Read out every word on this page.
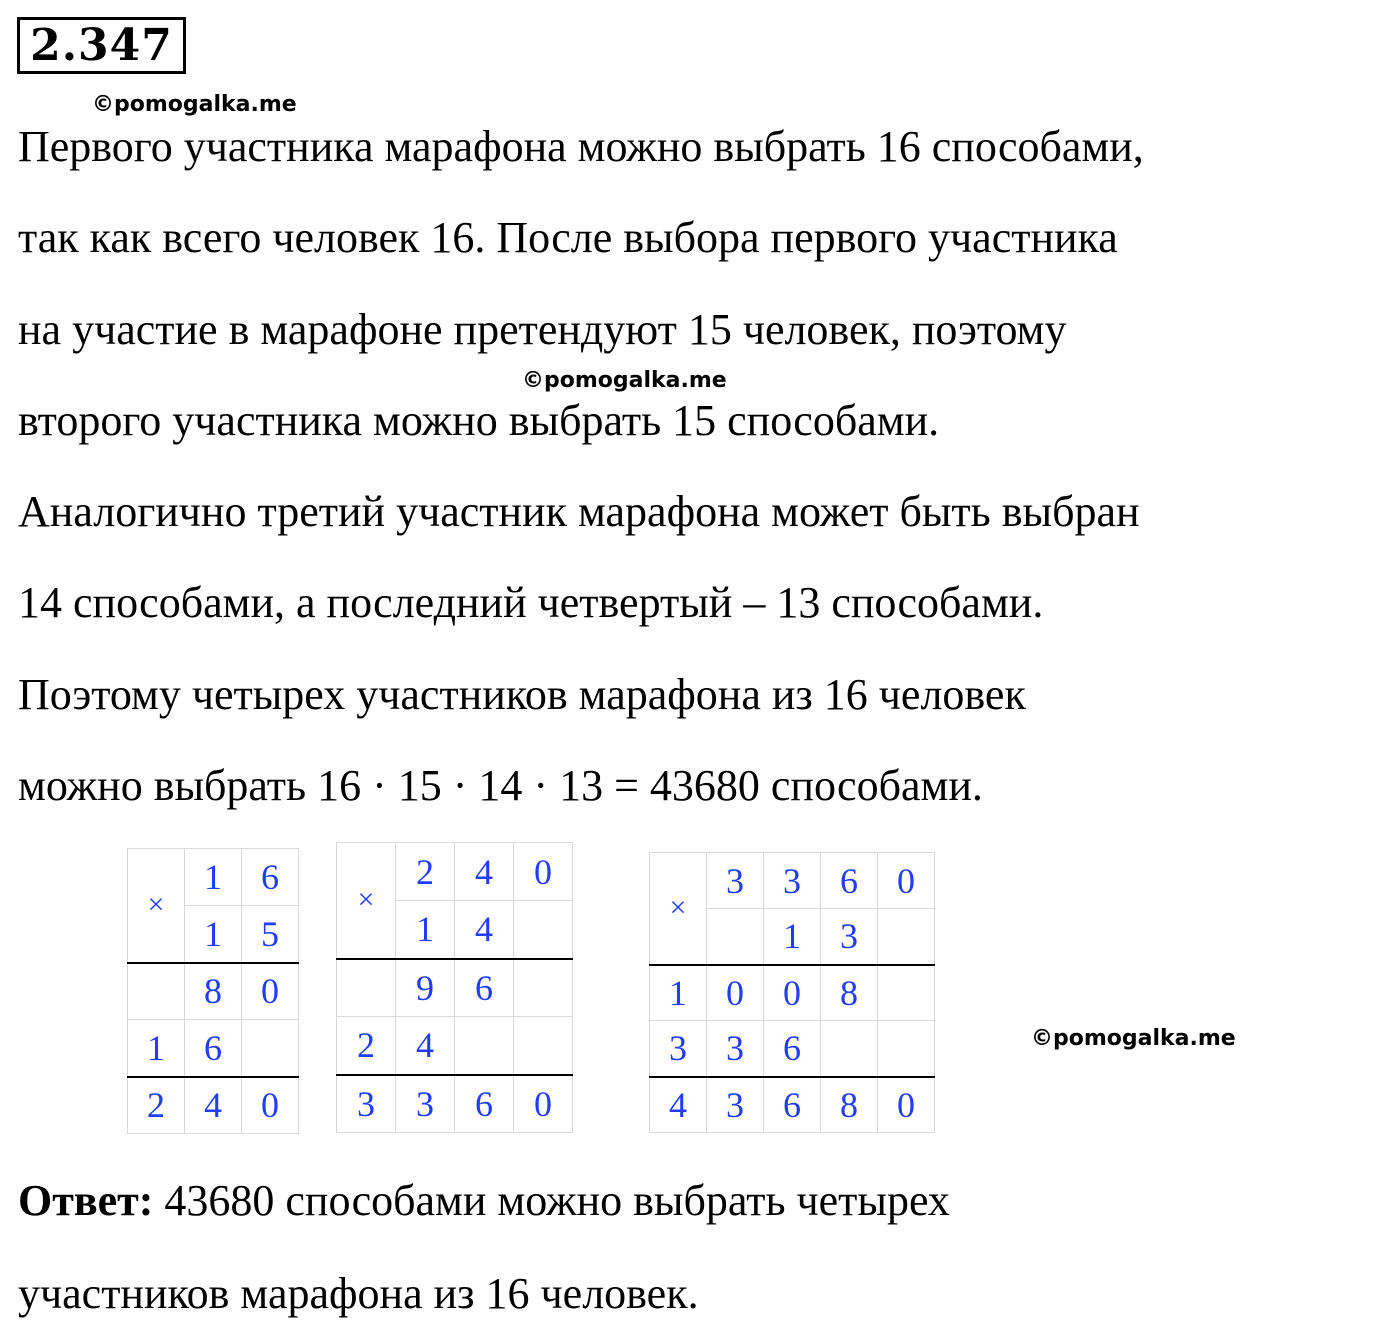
2.347
©pomogalka.me
©pomogalka.me
©pomogalka.me
Первого участника марафона можно выбрать 16 способами,
так как всего человек 16. После выбора первого участника
на участие в марафоне претендуют 15 человек, поэтому
второго участника можно выбрать 15 способами.
Аналогично третий участник марафона может быть выбран
14 способами, а последний четвертый – 13 способами.
Поэтому четырех участников марафона из 16 человек
можно выбрать 16 · 15 · 14 · 13 = 43680 способами.
×	1	6
	1	5
	8	0
1	6	
2	4	0
×	2	4	0
	1	4	
	9	6	
2	4		
3	3	6	0
×	3	3	6	0
		1	3	
1	0	0	8	
3	3	6		
4	3	6	8	0
Ответ: 43680 способами можно выбрать четырех
участников марафона из 16 человек.
